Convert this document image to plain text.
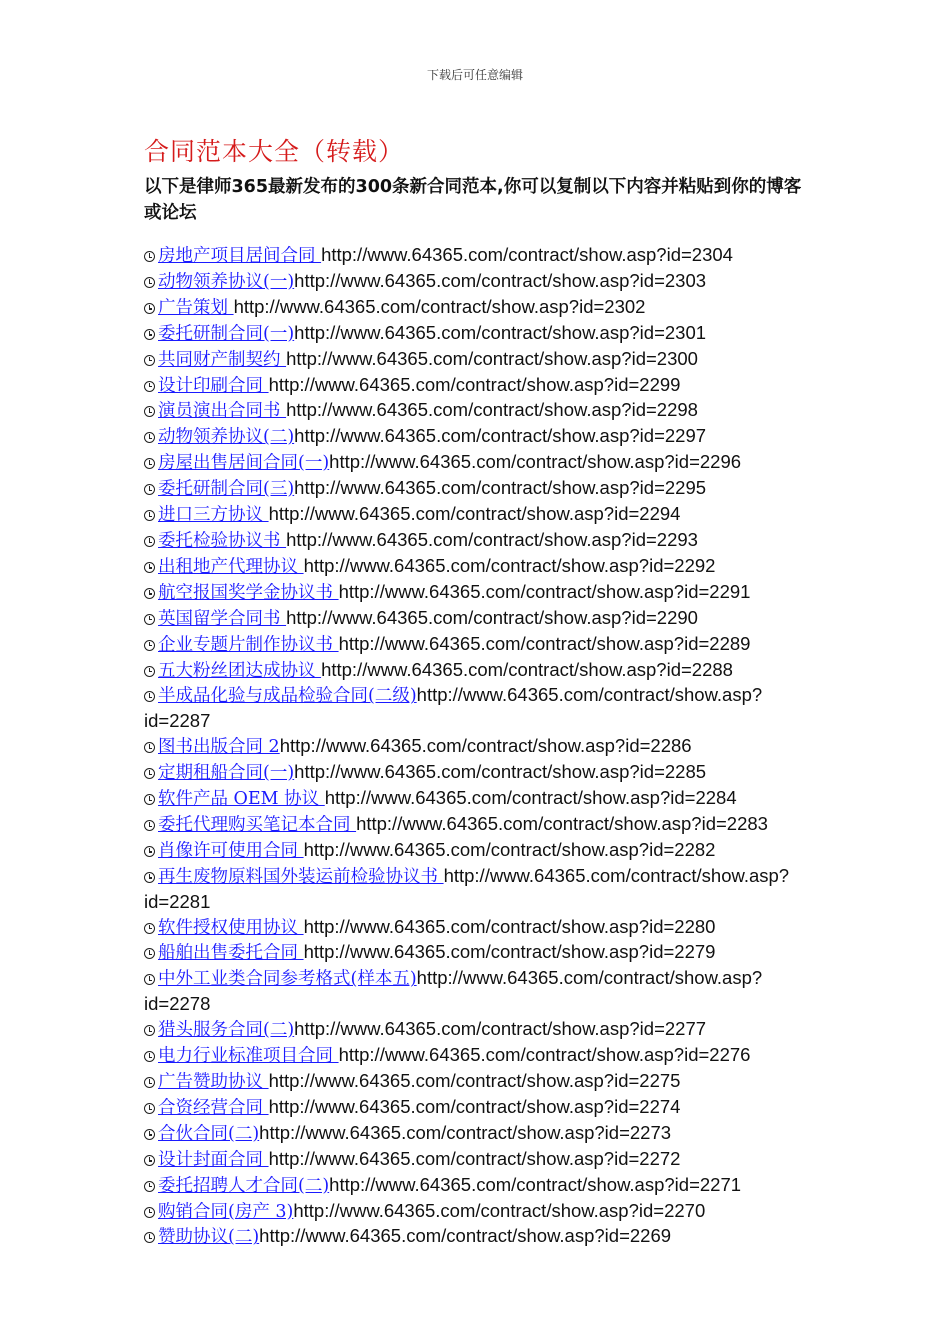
下载后可任意编辑
合同范本大全（转载）

以下是律师365最新发布的300条新合同范本,你可以复制以下内容并粘贴到你的博客或论坛

房地产项目居间合同 http://www.64365.com/contract/show.asp?id=2304
动物领养协议(一)http://www.64365.com/contract/show.asp?id=2303
广告策划 http://www.64365.com/contract/show.asp?id=2302
委托研制合同(一)http://www.64365.com/contract/show.asp?id=2301
共同财产制契约 http://www.64365.com/contract/show.asp?id=2300
设计印刷合同 http://www.64365.com/contract/show.asp?id=2299
演员演出合同书 http://www.64365.com/contract/show.asp?id=2298
动物领养协议(二)http://www.64365.com/contract/show.asp?id=2297
房屋出售居间合同(一)http://www.64365.com/contract/show.asp?id=2296
委托研制合同(三)http://www.64365.com/contract/show.asp?id=2295
进口三方协议 http://www.64365.com/contract/show.asp?id=2294
委托检验协议书 http://www.64365.com/contract/show.asp?id=2293
出租地产代理协议 http://www.64365.com/contract/show.asp?id=2292
航空报国奖学金协议书 http://www.64365.com/contract/show.asp?id=2291
英国留学合同书 http://www.64365.com/contract/show.asp?id=2290
企业专题片制作协议书 http://www.64365.com/contract/show.asp?id=2289
五大粉丝团达成协议 http://www.64365.com/contract/show.asp?id=2288
半成品化验与成品检验合同(二级)http://www.64365.com/contract/show.asp?id=2287
图书出版合同 2http://www.64365.com/contract/show.asp?id=2286
定期租船合同(一)http://www.64365.com/contract/show.asp?id=2285
软件产品 OEM 协议 http://www.64365.com/contract/show.asp?id=2284
委托代理购买笔记本合同 http://www.64365.com/contract/show.asp?id=2283
肖像许可使用合同 http://www.64365.com/contract/show.asp?id=2282
再生废物原料国外装运前检验协议书 http://www.64365.com/contract/show.asp?id=2281
软件授权使用协议 http://www.64365.com/contract/show.asp?id=2280
船舶出售委托合同 http://www.64365.com/contract/show.asp?id=2279
中外工业类合同参考格式(样本五)http://www.64365.com/contract/show.asp?id=2278
猎头服务合同(二)http://www.64365.com/contract/show.asp?id=2277
电力行业标准项目合同 http://www.64365.com/contract/show.asp?id=2276
广告赞助协议 http://www.64365.com/contract/show.asp?id=2275
合资经营合同 http://www.64365.com/contract/show.asp?id=2274
合伙合同(二)http://www.64365.com/contract/show.asp?id=2273
设计封面合同 http://www.64365.com/contract/show.asp?id=2272
委托招聘人才合同(二)http://www.64365.com/contract/show.asp?id=2271
购销合同(房产 3)http://www.64365.com/contract/show.asp?id=2270
赞助协议(二)http://www.64365.com/contract/show.asp?id=2269
